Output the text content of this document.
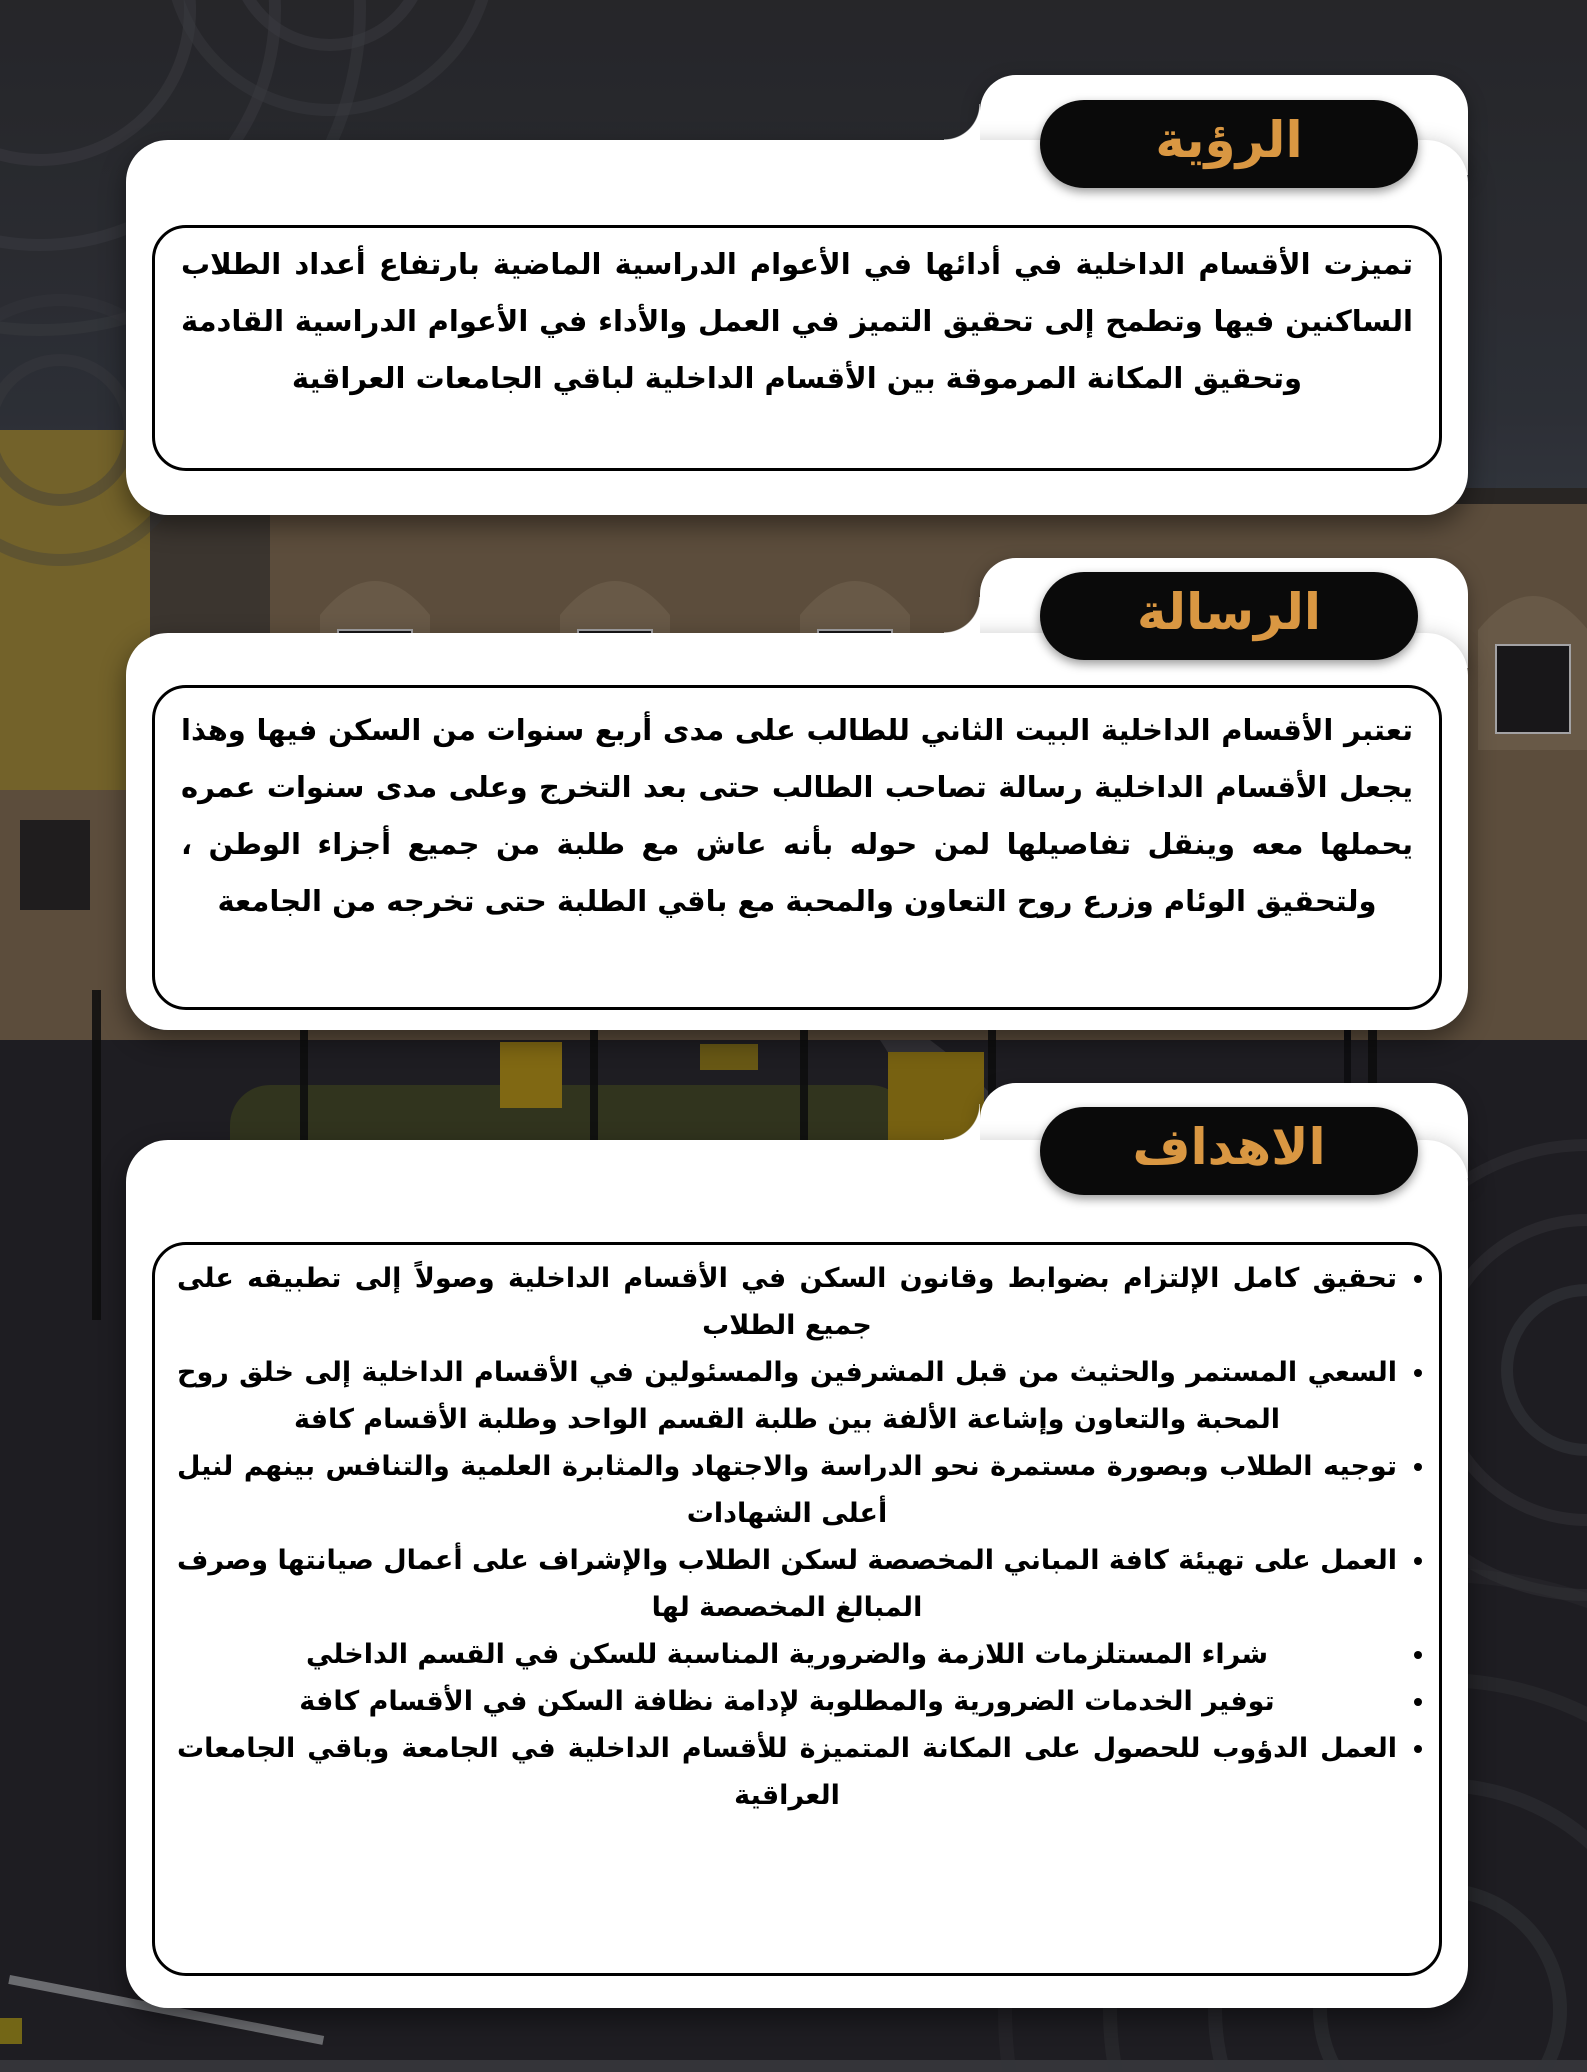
الرؤية

تميزت الأقسام الداخلية في أدائها في الأعوام الدراسية الماضية بارتفاع أعداد الطلاب الساكنين فيها وتطمح إلى تحقيق التميز في العمل والأداء في الأعوام الدراسية القادمة وتحقيق المكانة المرموقة بين الأقسام الداخلية لباقي الجامعات العراقية

الرسالة

تعتبر الأقسام الداخلية البيت الثاني للطالب على مدى أربع سنوات من السكن فيها وهذا يجعل الأقسام الداخلية رسالة تصاحب الطالب حتى بعد التخرج وعلى مدى سنوات عمره يحملها معه وينقل تفاصيلها لمن حوله بأنه عاش مع طلبة من جميع أجزاء الوطن ، ولتحقيق الوئام وزرع روح التعاون والمحبة مع باقي الطلبة حتى تخرجه من الجامعة

الاهداف
• تحقيق كامل الإلتزام بضوابط وقانون السكن في الأقسام الداخلية وصولاً إلى تطبيقه على جميع الطلاب
• السعي المستمر والحثيث من قبل المشرفين والمسئولين في الأقسام الداخلية إلى خلق روح المحبة والتعاون وإشاعة الألفة بين طلبة القسم الواحد وطلبة الأقسام كافة
• توجيه الطلاب وبصورة مستمرة نحو الدراسة والاجتهاد والمثابرة العلمية والتنافس بينهم لنيل أعلى الشهادات
• العمل على تهيئة كافة المباني المخصصة لسكن الطلاب والإشراف على أعمال صيانتها وصرف المبالغ المخصصة لها
• شراء المستلزمات اللازمة والضرورية المناسبة للسكن في القسم الداخلي
• توفير الخدمات الضرورية والمطلوبة لإدامة نظافة السكن في الأقسام كافة
• العمل الدؤوب للحصول على المكانة المتميزة للأقسام الداخلية في الجامعة وباقي الجامعات العراقية
